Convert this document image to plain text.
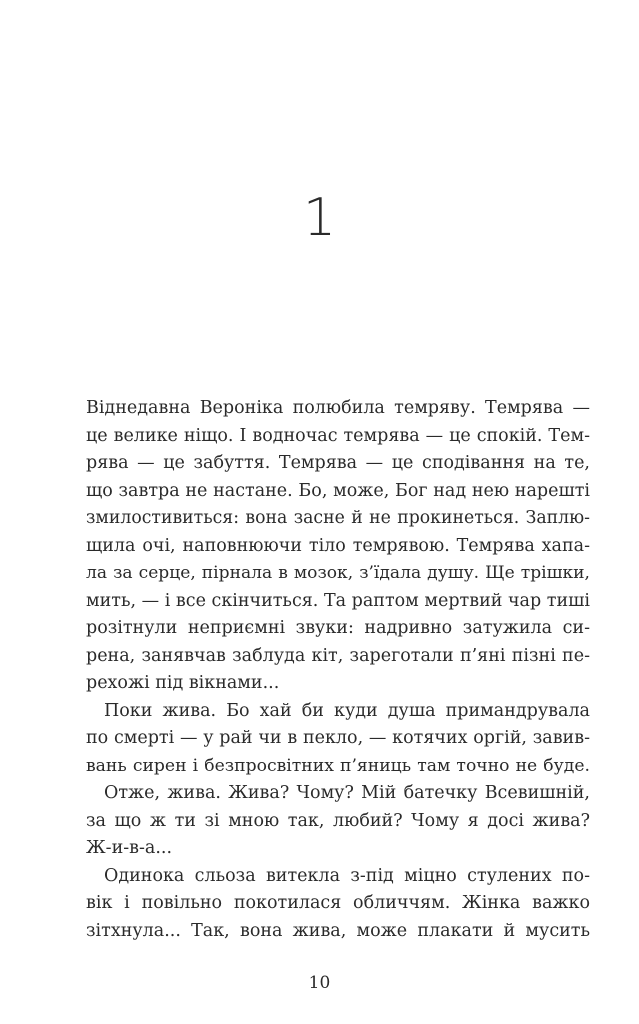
1
Віднедавна Вероніка полюбила темряву. Темрява —
це велике ніщо. І водночас темрява — це спокій. Тем-
рява — це забуття. Темрява — це сподівання на те,
що завтра не настане. Бо, може, Бог над нею нарешті
змилостивиться: вона засне й не прокинеться. Заплю-
щила очі, наповнюючи тіло темрявою. Темрява хапа-
ла за серце, пірнала в мозок, з’їдала душу. Ще трішки,
мить, — і все скінчиться. Та раптом мертвий чар тиші
розітнули неприємні звуки: надривно затужила си-
рена, занявчав заблуда кіт, зареготали п’яні пізні пе-
рехожі під вікнами...
Поки жива. Бо хай би куди душа примандрувала
по смерті — у рай чи в пекло, — котячих оргій, завив-
вань сирен і безпросвітних п’яниць там точно не буде.
Отже, жива. Жива? Чому? Мій батечку Всевишній,
за що ж ти зі мною так, любий? Чому я досі жива?
Ж-и-в-а...
Одинока сльоза витекла з-під міцно стулених по-
вік і повільно покотилася обличчям. Жінка важко
зітхнула... Так, вона жива, може плакати й мусить
10
